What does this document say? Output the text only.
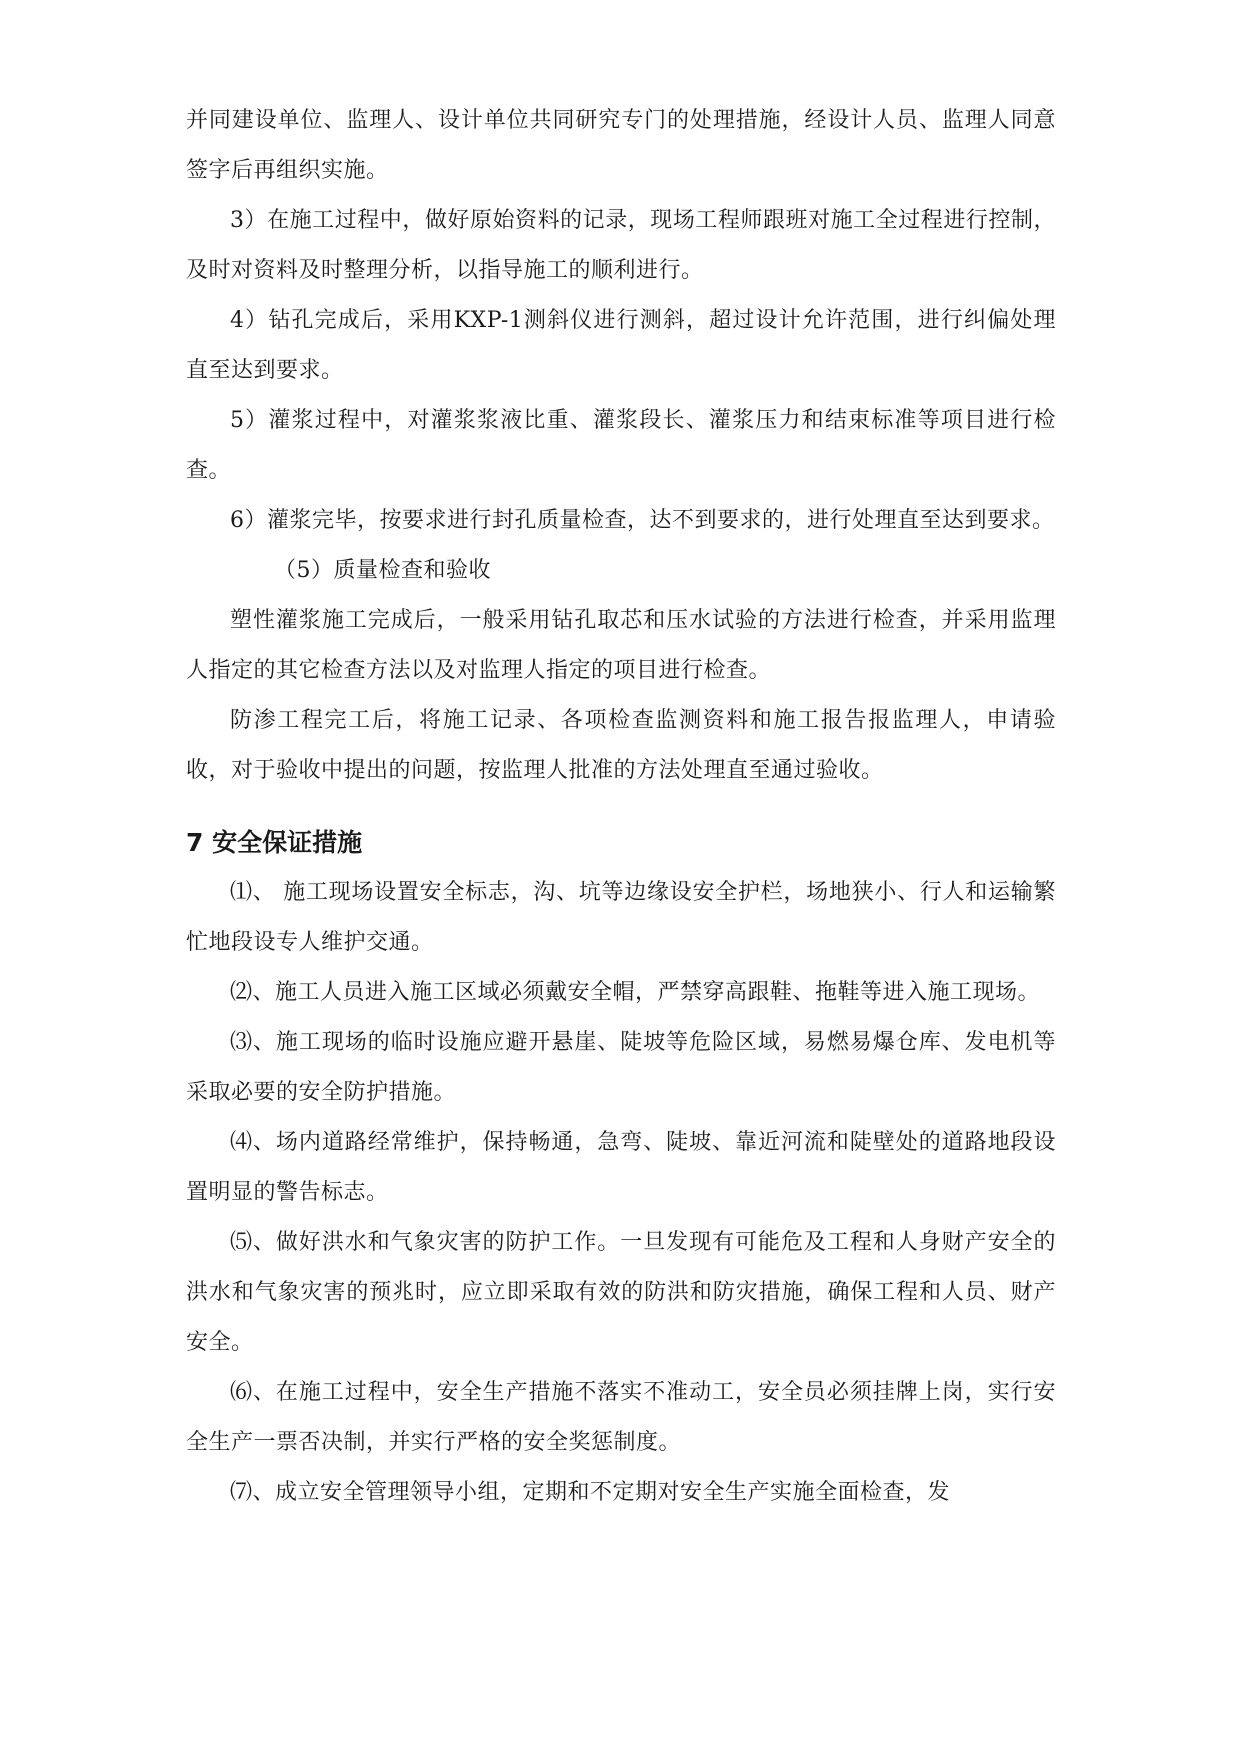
并同建设单位、监理人、设计单位共同研究专门的处理措施，经设计人员、监理人同意签字后再组织实施。

3）在施工过程中，做好原始资料的记录，现场工程师跟班对施工全过程进行控制，及时对资料及时整理分析，以指导施工的顺利进行。

4）钻孔完成后，采用KXP-1测斜仪进行测斜，超过设计允许范围，进行纠偏处理直至达到要求。

5）灌浆过程中，对灌浆浆液比重、灌浆段长、灌浆压力和结束标准等项目进行检查。

6）灌浆完毕，按要求进行封孔质量检查，达不到要求的，进行处理直至达到要求。

（5）质量检查和验收

塑性灌浆施工完成后，一般采用钻孔取芯和压水试验的方法进行检查，并采用监理人指定的其它检查方法以及对监理人指定的项目进行检查。

防渗工程完工后，将施工记录、各项检查监测资料和施工报告报监理人，申请验收，对于验收中提出的问题，按监理人批准的方法处理直至通过验收。

7 安全保证措施

⑴、 施工现场设置安全标志，沟、坑等边缘设安全护栏，场地狭小、行人和运输繁忙地段设专人维护交通。

⑵、施工人员进入施工区域必须戴安全帽，严禁穿高跟鞋、拖鞋等进入施工现场。

⑶、施工现场的临时设施应避开悬崖、陡坡等危险区域，易燃易爆仓库、发电机等采取必要的安全防护措施。

⑷、场内道路经常维护，保持畅通，急弯、陡坡、靠近河流和陡壁处的道路地段设置明显的警告标志。

⑸、做好洪水和气象灾害的防护工作。一旦发现有可能危及工程和人身财产安全的洪水和气象灾害的预兆时，应立即采取有效的防洪和防灾措施，确保工程和人员、财产安全。

⑹、在施工过程中，安全生产措施不落实不准动工，安全员必须挂牌上岗，实行安全生产一票否决制，并实行严格的安全奖惩制度。

⑺、成立安全管理领导小组，定期和不定期对安全生产实施全面检查，发
